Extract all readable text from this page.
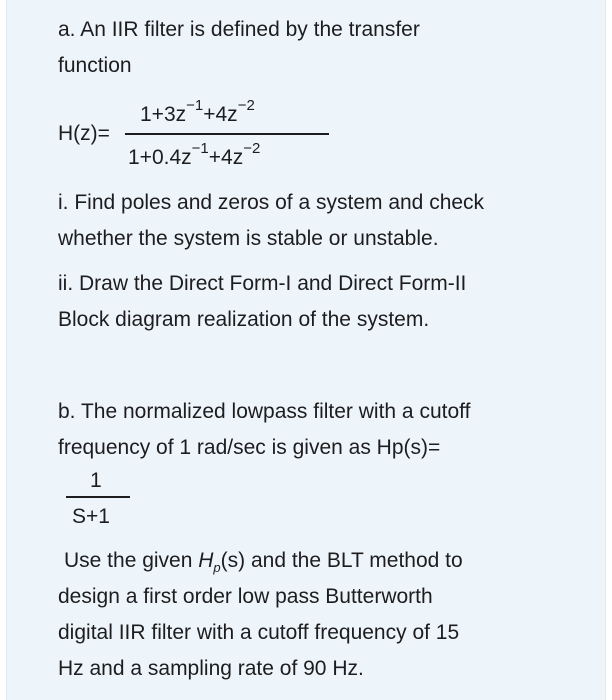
a. An IIR filter is defined by the transfer
function
H(z)=
$1+3z^{-1}+4z^{-2}$
$1+0.4z^{-1}+4z^{-2}$
i. Find poles and zeros of a system and check
whether the system is stable or unstable.
ii. Draw the Direct Form-I and Direct Form-II
Block diagram realization of the system.
b. The normalized lowpass filter with a cutoff
frequency of 1 rad/sec is given as Hp(s)=
1
S+1
Use the given $H_p(s)$ and the BLT method to
design a first order low pass Butterworth
digital IIR filter with a cutoff frequency of 15
Hz and a sampling rate of 90 Hz.
